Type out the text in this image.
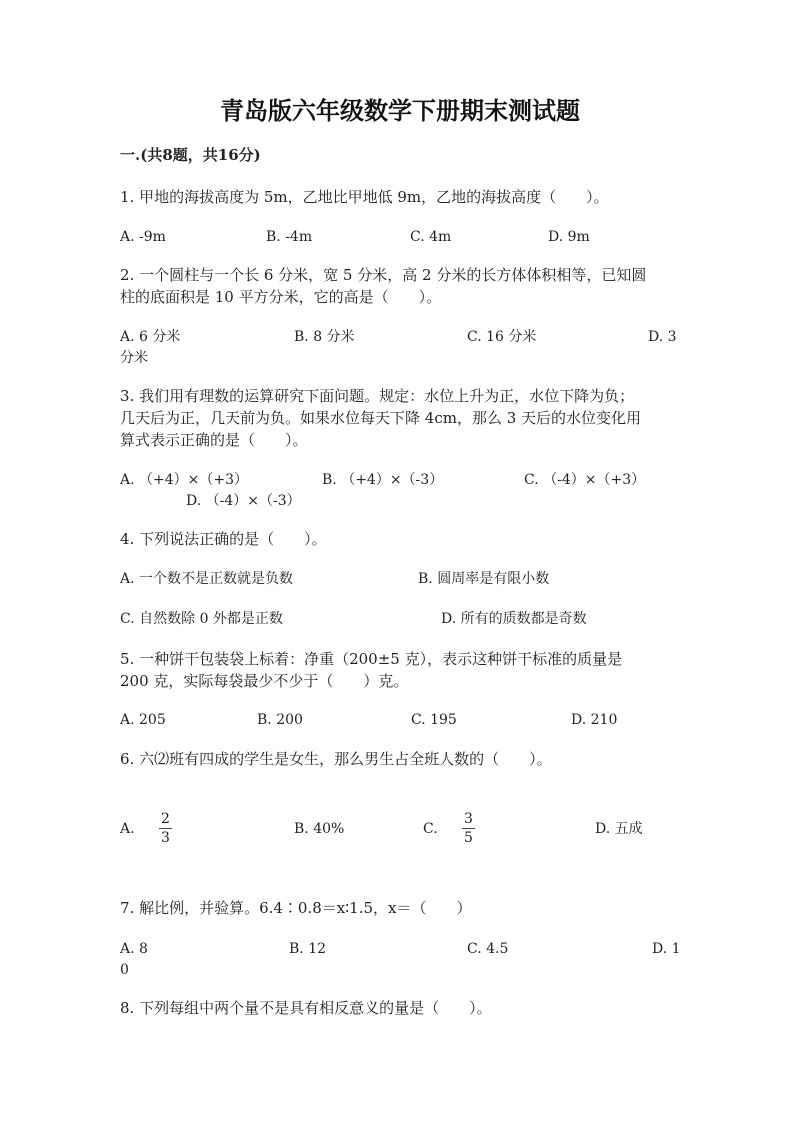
青岛版六年级数学下册期末测试题
一.(共8题，共16分)
1. 甲地的海拔高度为 5m，乙地比甲地低 9m，乙地的海拔高度（　　）。
A. -9m	B. -4m	C. 4m	D. 9m
2. 一个圆柱与一个长 6 分米，宽 5 分米，高 2 分米的长方体体积相等，已知圆
柱的底面积是 10 平方分米，它的高是（　　）。
A. 6 分米	B. 8 分米	C. 16 分米	D. 3
分米
3. 我们用有理数的运算研究下面问题。规定：水位上升为正，水位下降为负；
几天后为正，几天前为负。如果水位每天下降 4cm，那么 3 天后的水位变化用
算式表示正确的是（　　）。
A. （+4）×（+3）	B. （+4）×（-3）	C. （-4）×（+3）
D. （-4）×（-3）
4. 下列说法正确的是（　　）。
A. 一个数不是正数就是负数	B. 圆周率是有限小数
C. 自然数除 0 外都是正数	D. 所有的质数都是奇数
5. 一种饼干包装袋上标着：净重（200±5 克），表示这种饼干标准的质量是
200 克，实际每袋最少不少于（　　）克。
A. 205	B. 200	C. 195	D. 210
6. 六⑵班有四成的学生是女生，那么男生占全班人数的（　　）。
A. $\frac{2}{3}$	B. 40%	C. $\frac{3}{5}$	D. 五成
7. 解比例，并验算。6.4∶0.8＝x∶1.5，x＝（　　）
A. 8	B. 12	C. 4.5	D. 1
0
8. 下列每组中两个量不是具有相反意义的量是（　　）。
